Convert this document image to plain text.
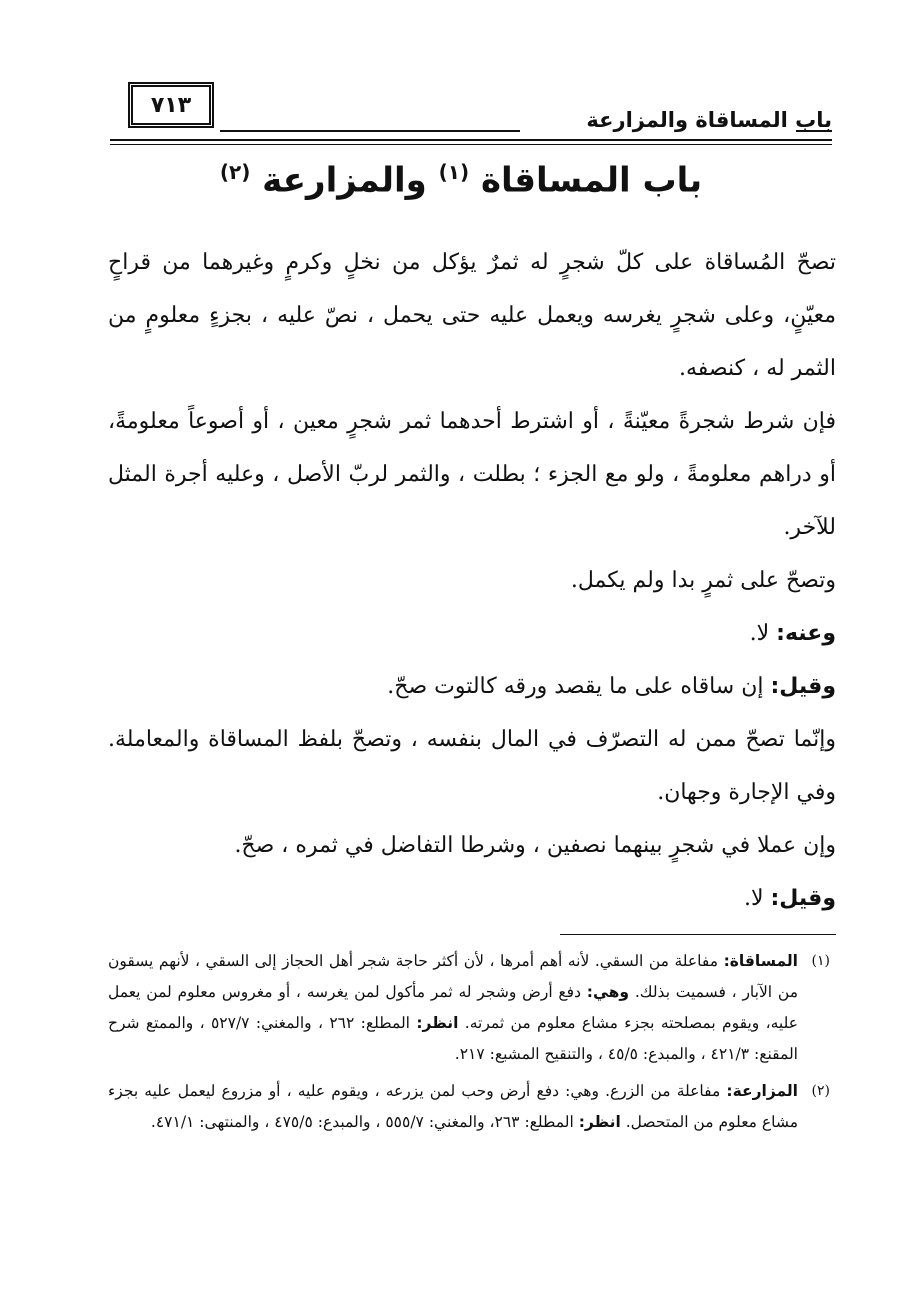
٧١٣
باب المساقاة والمزارعة
باب المساقاة $^{(١)}$ والمزارعة $^{(٢)}$

تصحّ المُساقاة على كلّ شجرٍ له ثمرٌ يؤكل من نخلٍ وكرمٍ وغيرهما من قراحٍ معيّنٍ، وعلى شجرٍ يغرسه ويعمل عليه حتى يحمل ، نصّ عليه ، بجزءٍ معلومٍ من الثمر له ، كنصفه.

فإن شرط شجرةً معيّنةً ، أو اشترط أحدهما ثمر شجرٍ معين ، أو أصوعاً معلومةً، أو دراهم معلومةً ، ولو مع الجزء ؛ بطلت ، والثمر لربّ الأصل ، وعليه أجرة المثل للآخر.

وتصحّ على ثمرٍ بدا ولم يكمل.

وعنه: لا.

وقيل: إن ساقاه على ما يقصد ورقه كالتوت صحّ.

وإنّما تصحّ ممن له التصرّف في المال بنفسه ، وتصحّ بلفظ المساقاة والمعاملة. وفي الإجارة وجهان.

وإن عملا في شجرٍ بينهما نصفين ، وشرطا التفاضل في ثمره ، صحّ.

وقيل: لا.

(١)
المساقاة: مفاعلة من السقي. لأنه أهم أمرها ، لأن أكثر حاجة شجر أهل الحجاز إلى السقي ، لأنهم يسقون من الآبار ، فسميت بذلك. وهي: دفع أرض وشجر له ثمر مأكول لمن يغرسه ، أو مغروس معلوم لمن يعمل عليه، ويقوم بمصلحته بجزء مشاع معلوم من ثمرته. انظر: المطلع: ٢٦٢ ، والمغني: ٥٢٧/٧ ، والممتع شرح المقنع: ٤٢١/٣ ، والمبدع: ٤٥/٥ ، والتنقيح المشبع: ٢١٧.
(٢)
المزارعة: مفاعلة من الزرع. وهي: دفع أرض وحب لمن يزرعه ، ويقوم عليه ، أو مزروع ليعمل عليه بجزء مشاع معلوم من المتحصل. انظر: المطلع: ٢٦٣، والمغني: ٥٥٥/٧ ، والمبدع: ٤٧٥/٥ ، والمنتهى: ٤٧١/١.
